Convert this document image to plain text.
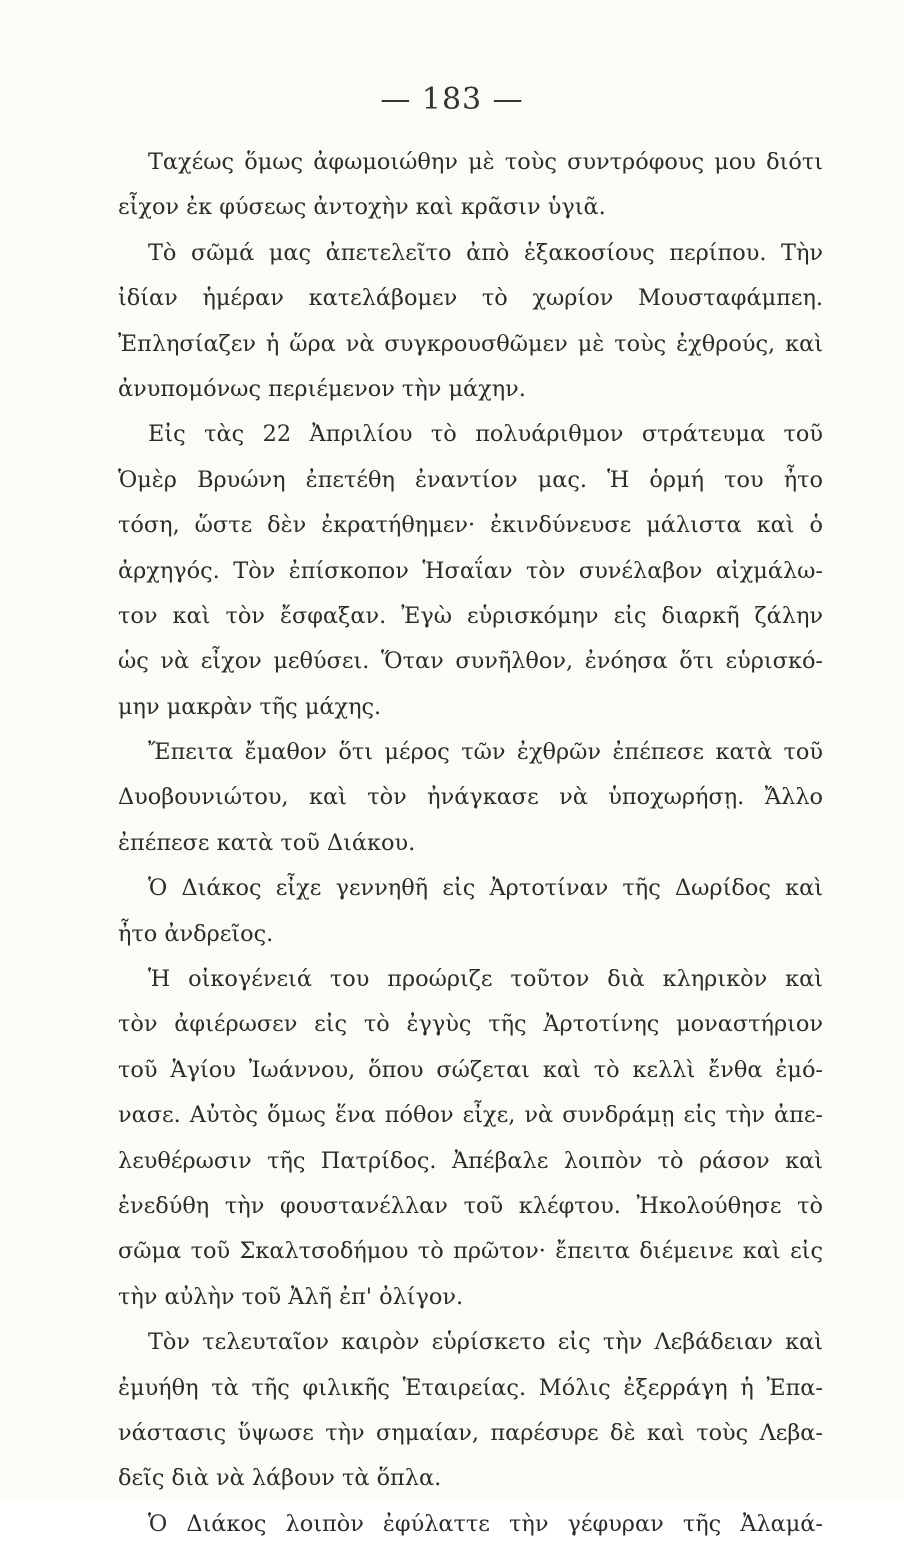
— 183 —
Ταχέως ὅμως ἀφωμοιώθην μὲ τοὺς συντρόφους μου διότι
εἶχον ἐκ φύσεως ἀντοχὴν καὶ κρᾶσιν ὑγιᾶ.
Τὸ σῶμά μας ἀπετελεῖτο ἀπὸ ἑξακοσίους περίπου. Τὴν
ἰδίαν ἡμέραν κατελάβομεν τὸ χωρίον Μουσταφάμπεη.
Ἐπλησίαζεν ἡ ὥρα νὰ συγκρουσθῶμεν μὲ τοὺς ἐχθρούς, καὶ
ἀνυπομόνως περιέμενον τὴν μάχην.
Εἰς τὰς 22 Ἀπριλίου τὸ πολυάριθμον στράτευμα τοῦ
Ὁμὲρ Βρυώνη ἐπετέθη ἐναντίον μας. Ἡ ὁρμή του ἦτο
τόση, ὥστε δὲν ἐκρατήθημεν· ἐκινδύνευσε μάλιστα καὶ ὁ
ἀρχηγός. Τὸν ἐπίσκοπον Ἡσαΐαν τὸν συνέλαβον αἰχμάλω-
τον καὶ τὸν ἔσφαξαν. Ἐγὼ εὑρισκόμην εἰς διαρκῆ ζάλην
ὡς νὰ εἶχον μεθύσει. Ὅταν συνῆλθον, ἐνόησα ὅτι εὑρισκό-
μην μακρὰν τῆς μάχης.
Ἔπειτα ἔμαθον ὅτι μέρος τῶν ἐχθρῶν ἐπέπεσε κατὰ τοῦ
Δυοβουνιώτου, καὶ τὸν ἠνάγκασε νὰ ὑποχωρήσῃ. Ἄλλο
ἐπέπεσε κατὰ τοῦ Διάκου.
Ὁ Διάκος εἶχε γεννηθῆ εἰς Ἀρτοτίναν τῆς Δωρίδος καὶ
ἦτο ἀνδρεῖος.
Ἡ οἰκογένειά του προώριζε τοῦτον διὰ κληρικὸν καὶ
τὸν ἀφιέρωσεν εἰς τὸ ἐγγὺς τῆς Ἀρτοτίνης μοναστήριον
τοῦ Ἁγίου Ἰωάννου, ὅπου σώζεται καὶ τὸ κελλὶ ἔνθα ἐμό-
νασε. Αὐτὸς ὅμως ἕνα πόθον εἶχε, νὰ συνδράμῃ εἰς τὴν ἀπε-
λευθέρωσιν τῆς Πατρίδος. Ἀπέβαλε λοιπὸν τὸ ράσον καὶ
ἐνεδύθη τὴν φουστανέλλαν τοῦ κλέφτου. Ἠκολούθησε τὸ
σῶμα τοῦ Σκαλτσοδήμου τὸ πρῶτον· ἔπειτα διέμεινε καὶ εἰς
τὴν αὐλὴν τοῦ Ἀλῆ ἐπ' ὀλίγον.
Τὸν τελευταῖον καιρὸν εὑρίσκετο εἰς τὴν Λεβάδειαν καὶ
ἐμυήθη τὰ τῆς φιλικῆς Ἑταιρείας. Μόλις ἐξερράγη ἡ Ἐπα-
νάστασις ὕψωσε τὴν σημαίαν, παρέσυρε δὲ καὶ τοὺς Λεβα-
δεῖς διὰ νὰ λάβουν τὰ ὅπλα.
Ὁ Διάκος λοιπὸν ἐφύλαττε τὴν γέφυραν τῆς Ἀλαμά-
